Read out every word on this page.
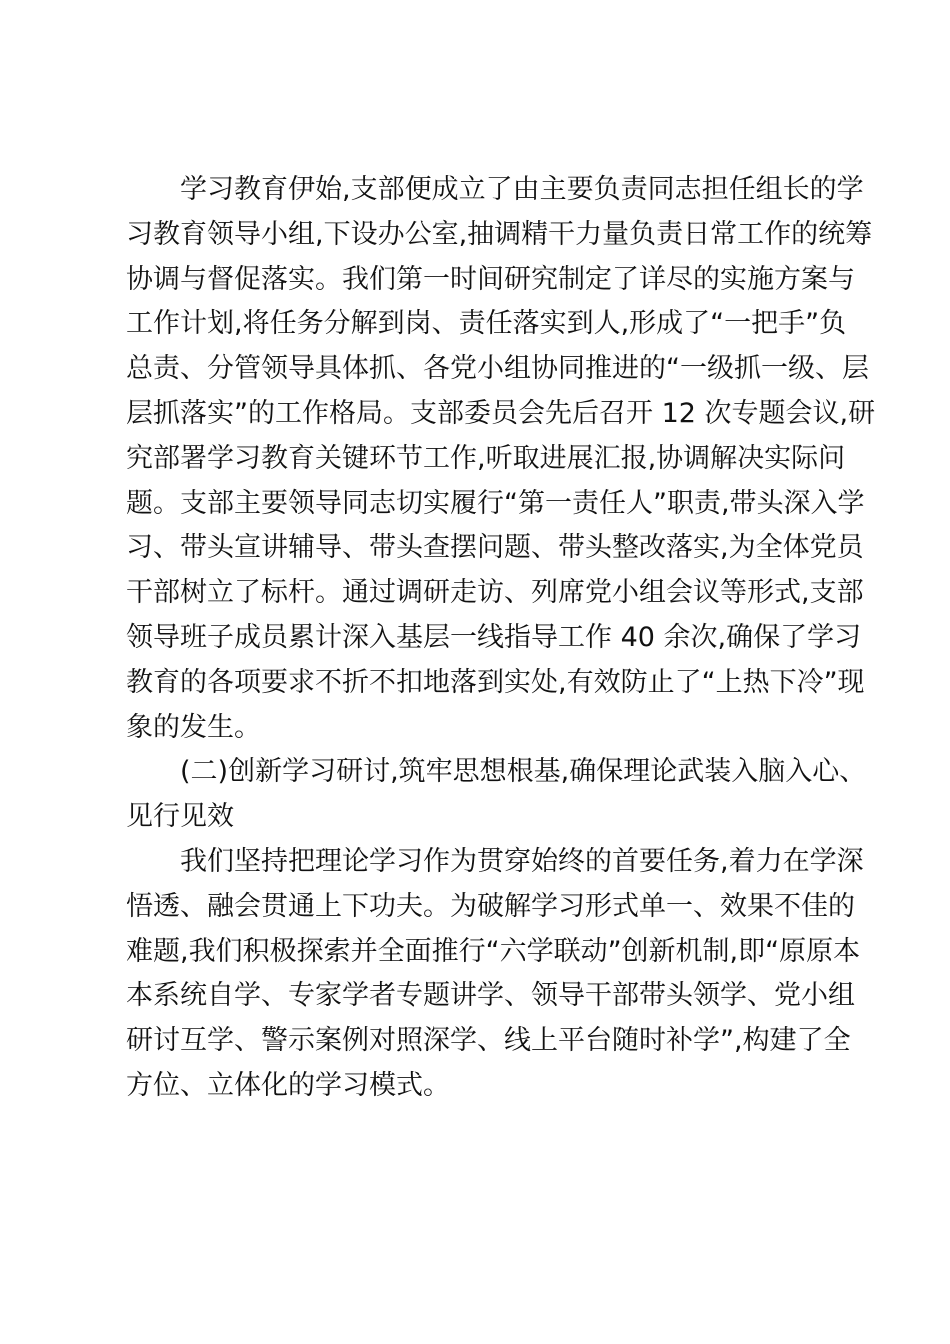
学习教育伊始,支部便成立了由主要负责同志担任组长的学
习教育领导小组,下设办公室,抽调精干力量负责日常工作的统筹
协调与督促落实。我们第一时间研究制定了详尽的实施方案与
工作计划,将任务分解到岗、责任落实到人,形成了“一把手”负
总责、分管领导具体抓、各党小组协同推进的“一级抓一级、层
层抓落实”的工作格局。支部委员会先后召开 12 次专题会议,研
究部署学习教育关键环节工作,听取进展汇报,协调解决实际问
题。支部主要领导同志切实履行“第一责任人”职责,带头深入学
习、带头宣讲辅导、带头查摆问题、带头整改落实,为全体党员
干部树立了标杆。通过调研走访、列席党小组会议等形式,支部
领导班子成员累计深入基层一线指导工作 40 余次,确保了学习
教育的各项要求不折不扣地落到实处,有效防止了“上热下冷”现
象的发生。
(二)创新学习研讨,筑牢思想根基,确保理论武装入脑入心、
见行见效
我们坚持把理论学习作为贯穿始终的首要任务,着力在学深
悟透、融会贯通上下功夫。为破解学习形式单一、效果不佳的
难题,我们积极探索并全面推行“六学联动”创新机制,即“原原本
本系统自学、专家学者专题讲学、领导干部带头领学、党小组
研讨互学、警示案例对照深学、线上平台随时补学”,构建了全
方位、立体化的学习模式。
